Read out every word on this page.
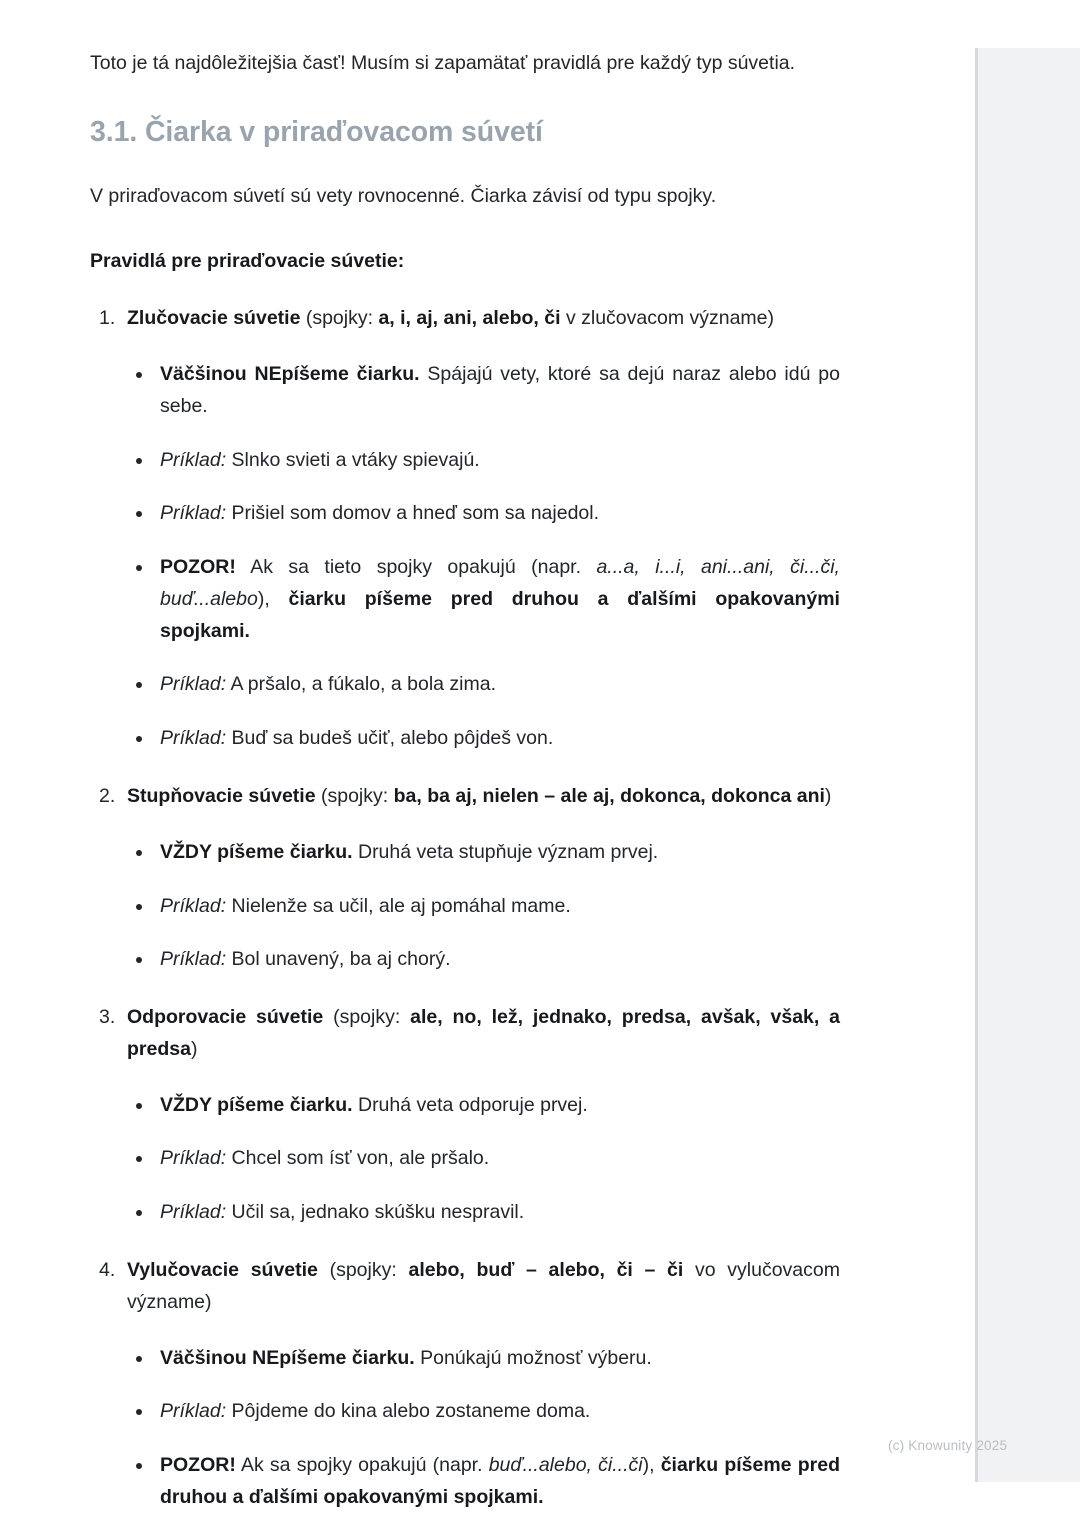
Toto je tá najdôležitejšia časť! Musím si zapamätať pravidlá pre každý typ súvetia.

3.1. Čiarka v priraďovacom súvetí

V priraďovacom súvetí sú vety rovnocenné. Čiarka závisí od typu spojky.

Pravidlá pre priraďovacie súvetie:

Zlučovacie súvetie (spojky: a, i, aj, ani, alebo, či v zlučovacom význame)
Väčšinou NEpíšeme čiarku. Spájajú vety, ktoré sa dejú naraz alebo idú po sebe.
Príklad: Slnko svieti a vtáky spievajú.
Príklad: Prišiel som domov a hneď som sa najedol.
POZOR! Ak sa tieto spojky opakujú (napr. a...a, i...i, ani...ani, či...či, buď...alebo), čiarku píšeme pred druhou a ďalšími opakovanými spojkami.
Príklad: A pršalo, a fúkalo, a bola zima.
Príklad: Buď sa budeš učiť, alebo pôjdeš von.
Stupňovacie súvetie (spojky: ba, ba aj, nielen – ale aj, dokonca, dokonca ani)
VŽDY píšeme čiarku. Druhá veta stupňuje význam prvej.
Príklad: Nielenže sa učil, ale aj pomáhal mame.
Príklad: Bol unavený, ba aj chorý.
Odporovacie súvetie (spojky: ale, no, lež, jednako, predsa, avšak, však, a predsa)
VŽDY píšeme čiarku. Druhá veta odporuje prvej.
Príklad: Chcel som ísť von, ale pršalo.
Príklad: Učil sa, jednako skúšku nespravil.
Vylučovacie súvetie (spojky: alebo, buď – alebo, či – či vo vylučovacom význame)
Väčšinou NEpíšeme čiarku. Ponúkajú možnosť výberu.
Príklad: Pôjdeme do kina alebo zostaneme doma.
POZOR! Ak sa spojky opakujú (napr. buď...alebo, či...či), čiarku píšeme pred druhou a ďalšími opakovanými spojkami.
(c) Knowunity 2025
